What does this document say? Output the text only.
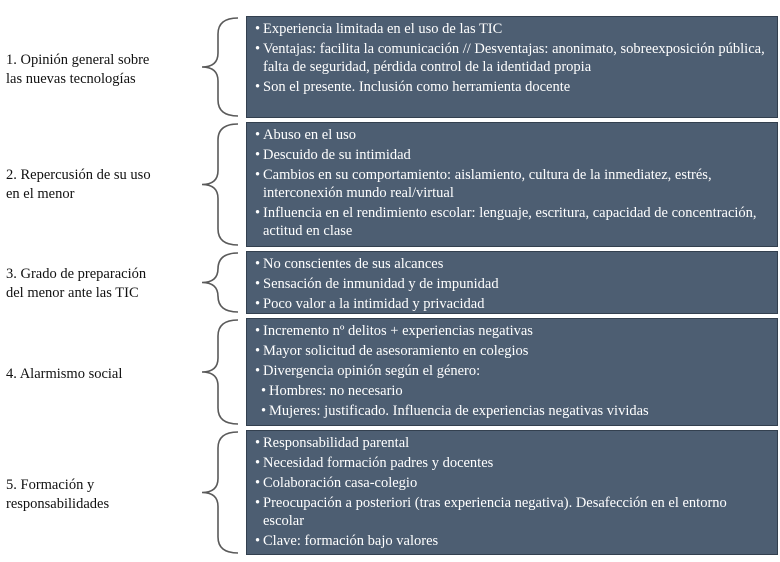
1. Opinión general sobre
las nuevas tecnologías
• Experiencia limitada en el uso de las TIC
• Ventajas: facilita la comunicación // Desventajas: anonimato, sobreexposición pública, falta de seguridad, pérdida control de la identidad propia
• Son el presente. Inclusión como herramienta docente
2. Repercusión de su uso
en el menor
• Abuso en el uso
• Descuido de su intimidad
• Cambios en su comportamiento: aislamiento, cultura de la inmediatez, estrés, interconexión mundo real/virtual
• Influencia en el rendimiento escolar: lenguaje, escritura, capacidad de concentración, actitud en clase
3. Grado de preparación
del menor ante las TIC
• No conscientes de sus alcances
• Sensación de inmunidad y de impunidad
• Poco valor a la intimidad y privacidad
4. Alarmismo social
• Incremento nº delitos + experiencias negativas
• Mayor solicitud de asesoramiento en colegios
• Divergencia opinión según el género:
• Hombres: no necesario
• Mujeres: justificado. Influencia de experiencias negativas vividas
5. Formación y
responsabilidades
• Responsabilidad parental
• Necesidad formación padres y docentes
• Colaboración casa-colegio
• Preocupación a posteriori (tras experiencia negativa). Desafección en el entorno escolar
• Clave: formación bajo valores
